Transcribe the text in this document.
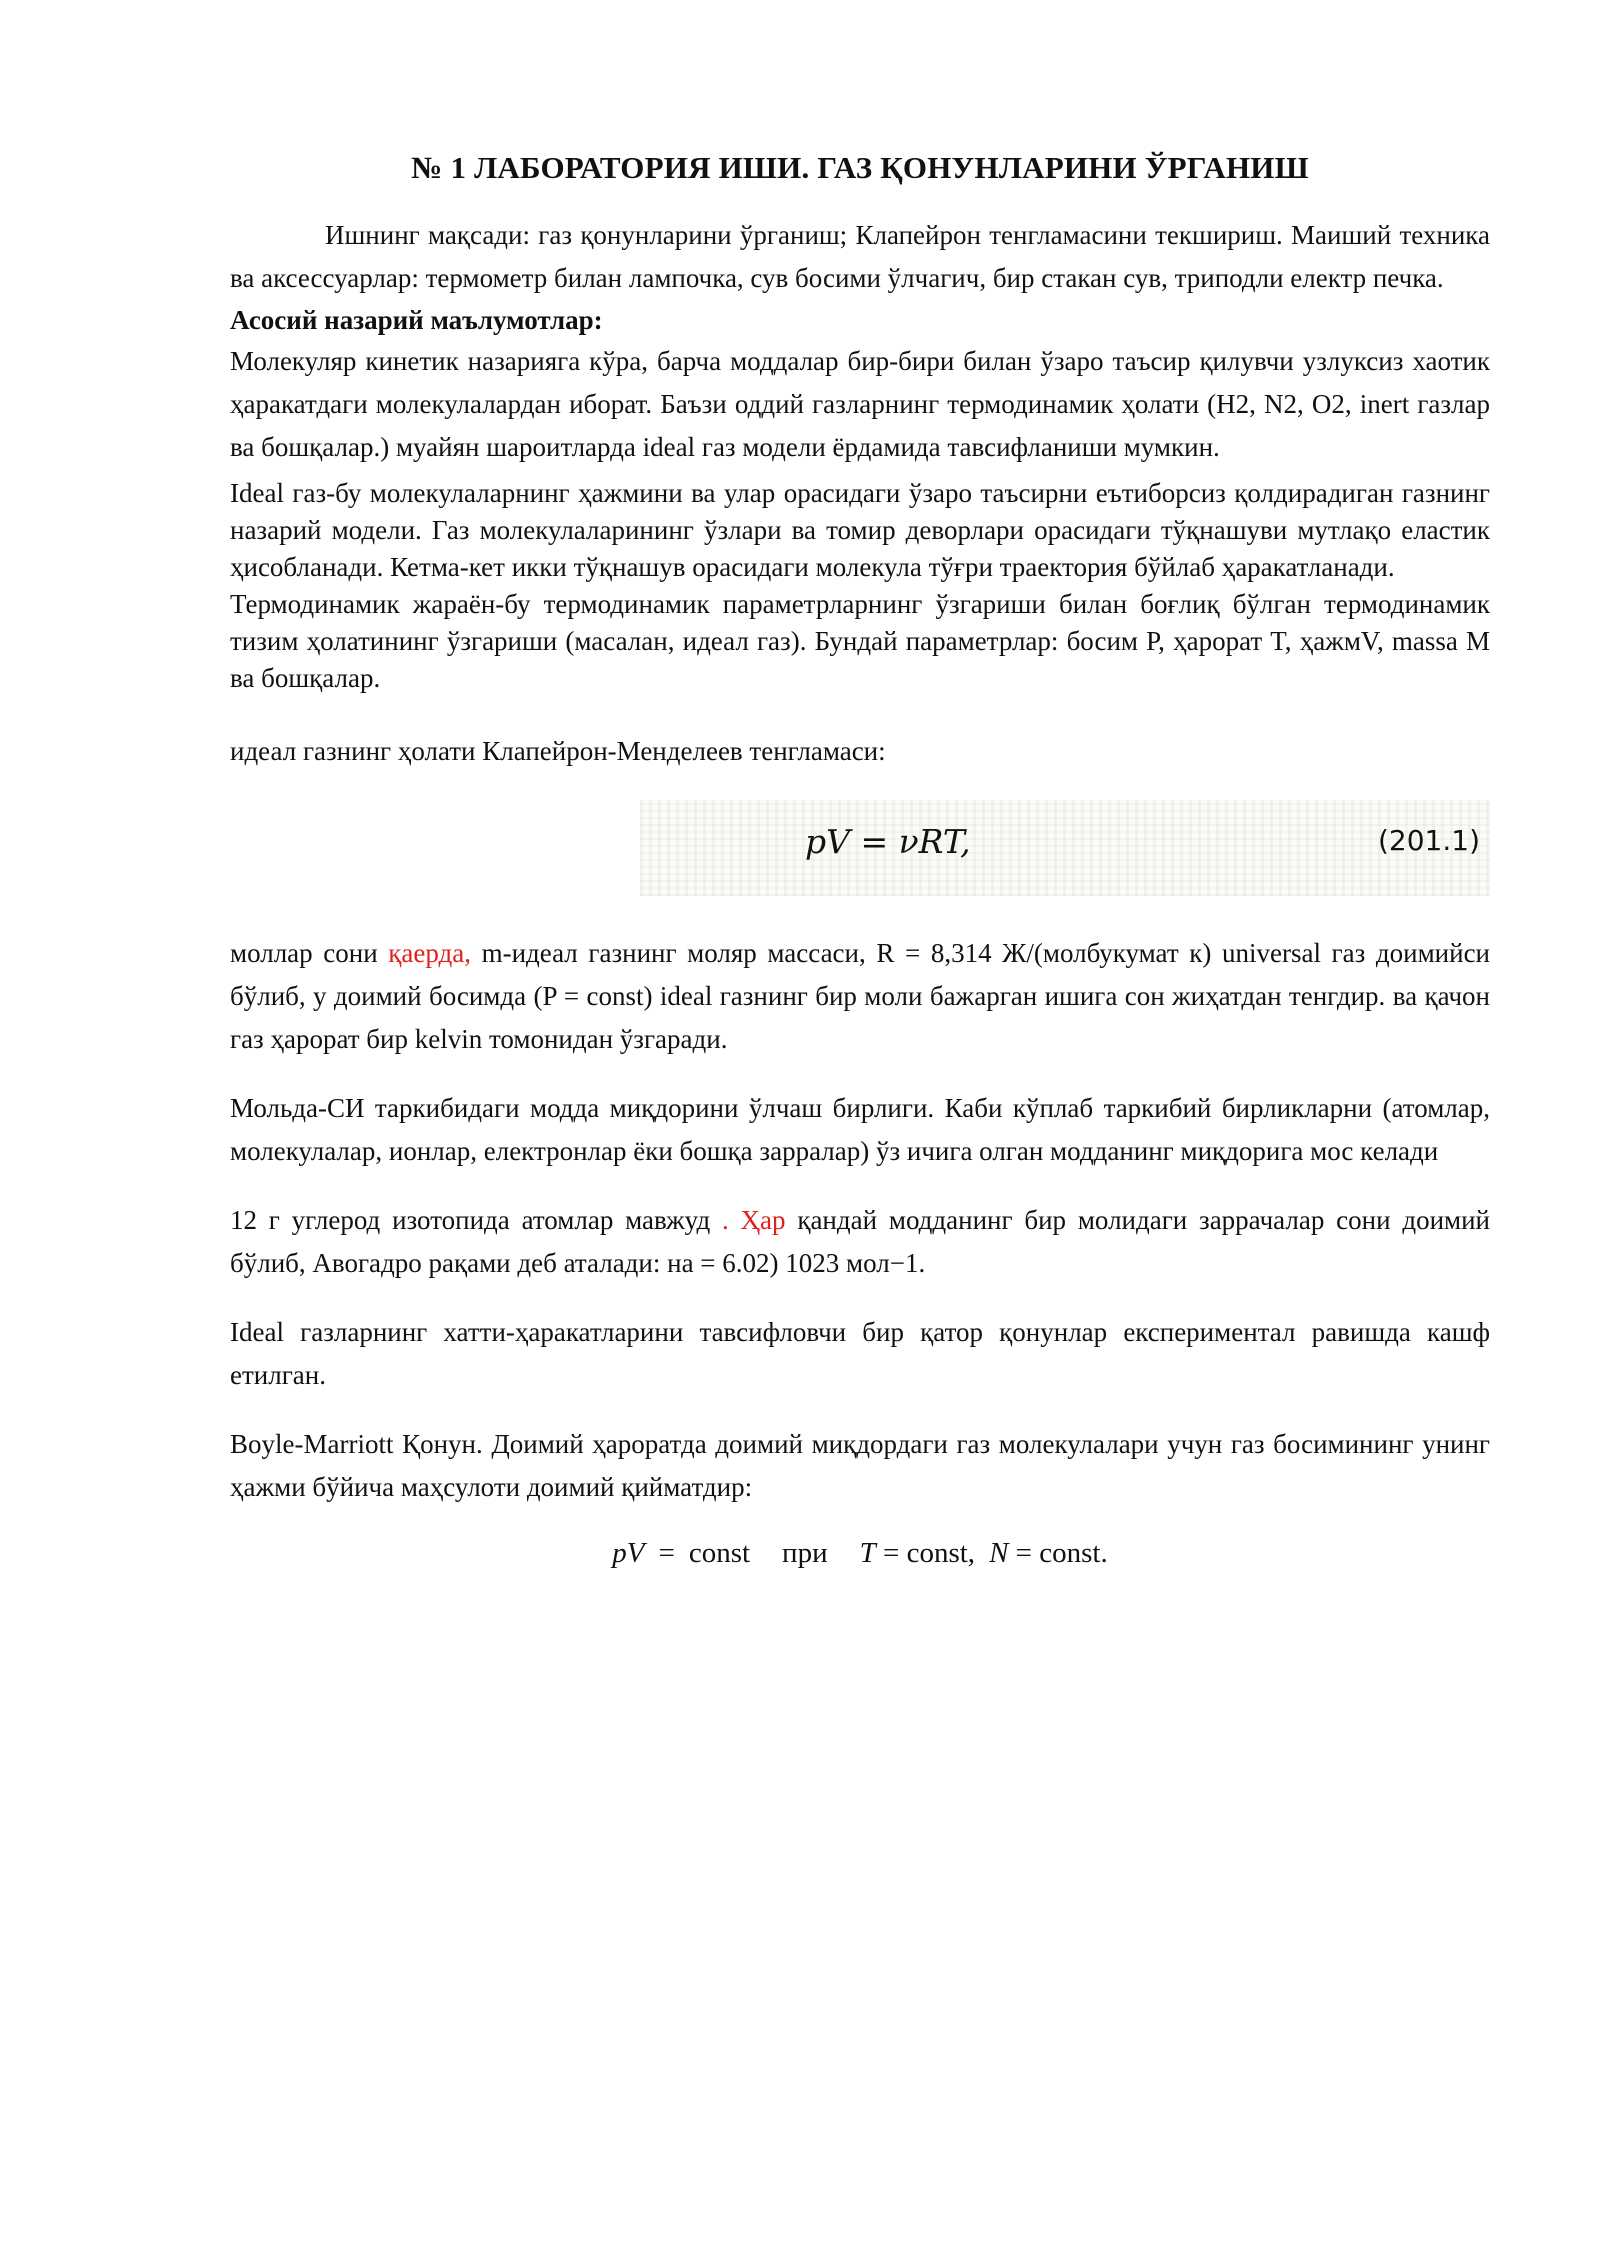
№ 1 ЛАБОРАТОРИЯ ИШИ. ГАЗ ҚОНУНЛАРИНИ ЎРГАНИШ

Ишнинг мақсади: газ қонунларини ўрганиш; Клапейрон тенгламасини текшириш. Маиший техника ва аксессуарлар: термометр билан лампочка, сув босими ўлчагич, бир стакан сув, триподли електр печка.

Асосий назарий маълумотлар:

Молекуляр кинетик назарияга кўра, барча моддалар бир-бири билан ўзаро таъсир қилувчи узлуксиз хаотик ҳаракатдаги молекулалардан иборат. Баъзи оддий газларнинг термодинамик ҳолати (H2, N2, O2, inert газлар ва бошқалар.) муайян шароитларда ideal газ модели ёрдамида тавсифланиши мумкин.

Ideal газ-бу молекулаларнинг ҳажмини ва улар орасидаги ўзаро таъсирни еътиборсиз қолдирадиган газнинг назарий модели. Газ молекулаларининг ўзлари ва томир деворлари орасидаги тўқнашуви мутлақо еластик ҳисобланади. Кетма-кет икки тўқнашув орасидаги молекула тўғри траектория бўйлаб ҳаракатланади.

Термодинамик жараён-бу термодинамик параметрларнинг ўзгариши билан боғлиқ бўлган термодинамик тизим ҳолатининг ўзгариши (масалан, идеал газ). Бундай параметрлар: босим P, ҳарорат T, ҳажмV, massa M ва бошқалар.

идеал газнинг ҳолати Клапейрон-Менделеев тенгламаси:

pV = νRT,	(201.1)

моллар сони қаерда, m-идеал газнинг моляр массаси, R = 8,314 Ж/(молбукумат к) universal газ доимийси бўлиб, у доимий босимда (P = const) ideal газнинг бир моли бажарган ишига сон жиҳатдан тенгдир. ва қачон газ ҳарорат бир kelvin томонидан ўзгаради.

Мольда-СИ таркибидаги модда миқдорини ўлчаш бирлиги. Каби кўплаб таркибий бирликларни (атомлар, молекулалар, ионлар, електронлар ёки бошқа зарралар) ўз ичига олган модданинг миқдорига мос келади

12 г углерод изотопида атомлар мавжуд . Ҳар қандай модданинг бир молидаги заррачалар сони доимий бўлиб, Авогадро рақами деб аталади: на = 6.02) 1023 мол−1.

Ideal газларнинг хатти-ҳаракатларини тавсифловчи бир қатор қонунлар експериментал равишда кашф етилган.

Boyle-Marriott Қонун. Доимий ҳароратда доимий миқдордаги газ молекулалари учун газ босимининг унинг ҳажми бўйича маҳсулоти доимий қийматдир:

pV = const при T = const, N = const.
